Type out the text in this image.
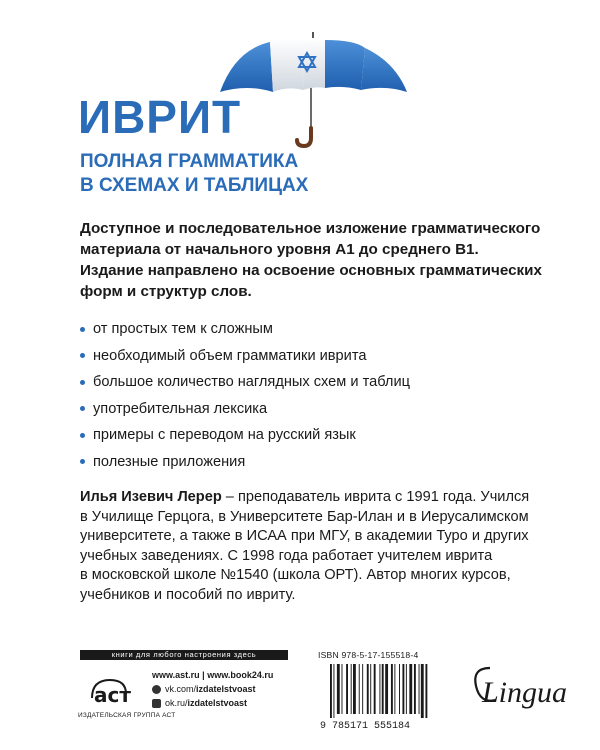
ИВРИТ
ПОЛНАЯ ГРАММАТИКА
В СХЕМАХ И ТАБЛИЦАХ
Доступное и последовательное изложение грамматического
материала от начального уровня A1 до среднего B1.
Издание направлено на освоение основных грамматических
форм и структур слов.
от простых тем к сложным
необходимый объем грамматики иврита
большое количество наглядных схем и таблиц
употребительная лексика
примеры с переводом на русский язык
полезные приложения
Илья Изевич Лерер – преподаватель иврита с 1991 года. Учился
в Училище Герцога, в Университете Бар-Илан и в Иерусалимском
университете, а также в ИСАА при МГУ, в академии Туро и других
учебных заведениях. С 1998 года работает учителем иврита
в московской школе №1540 (школа ОРТ). Автор многих курсов,
учебников и пособий по ивриту.
книги для любого настроения здесь
аст
ИЗДАТЕЛЬСКАЯ ГРУППА АСТ
www.ast.ru | www.book24.ru
vk.com/izdatelstvoast
ok.ru/izdatelstvoast
ISBN 978-5-17-155518-4
9 785171 555184
Lingua
